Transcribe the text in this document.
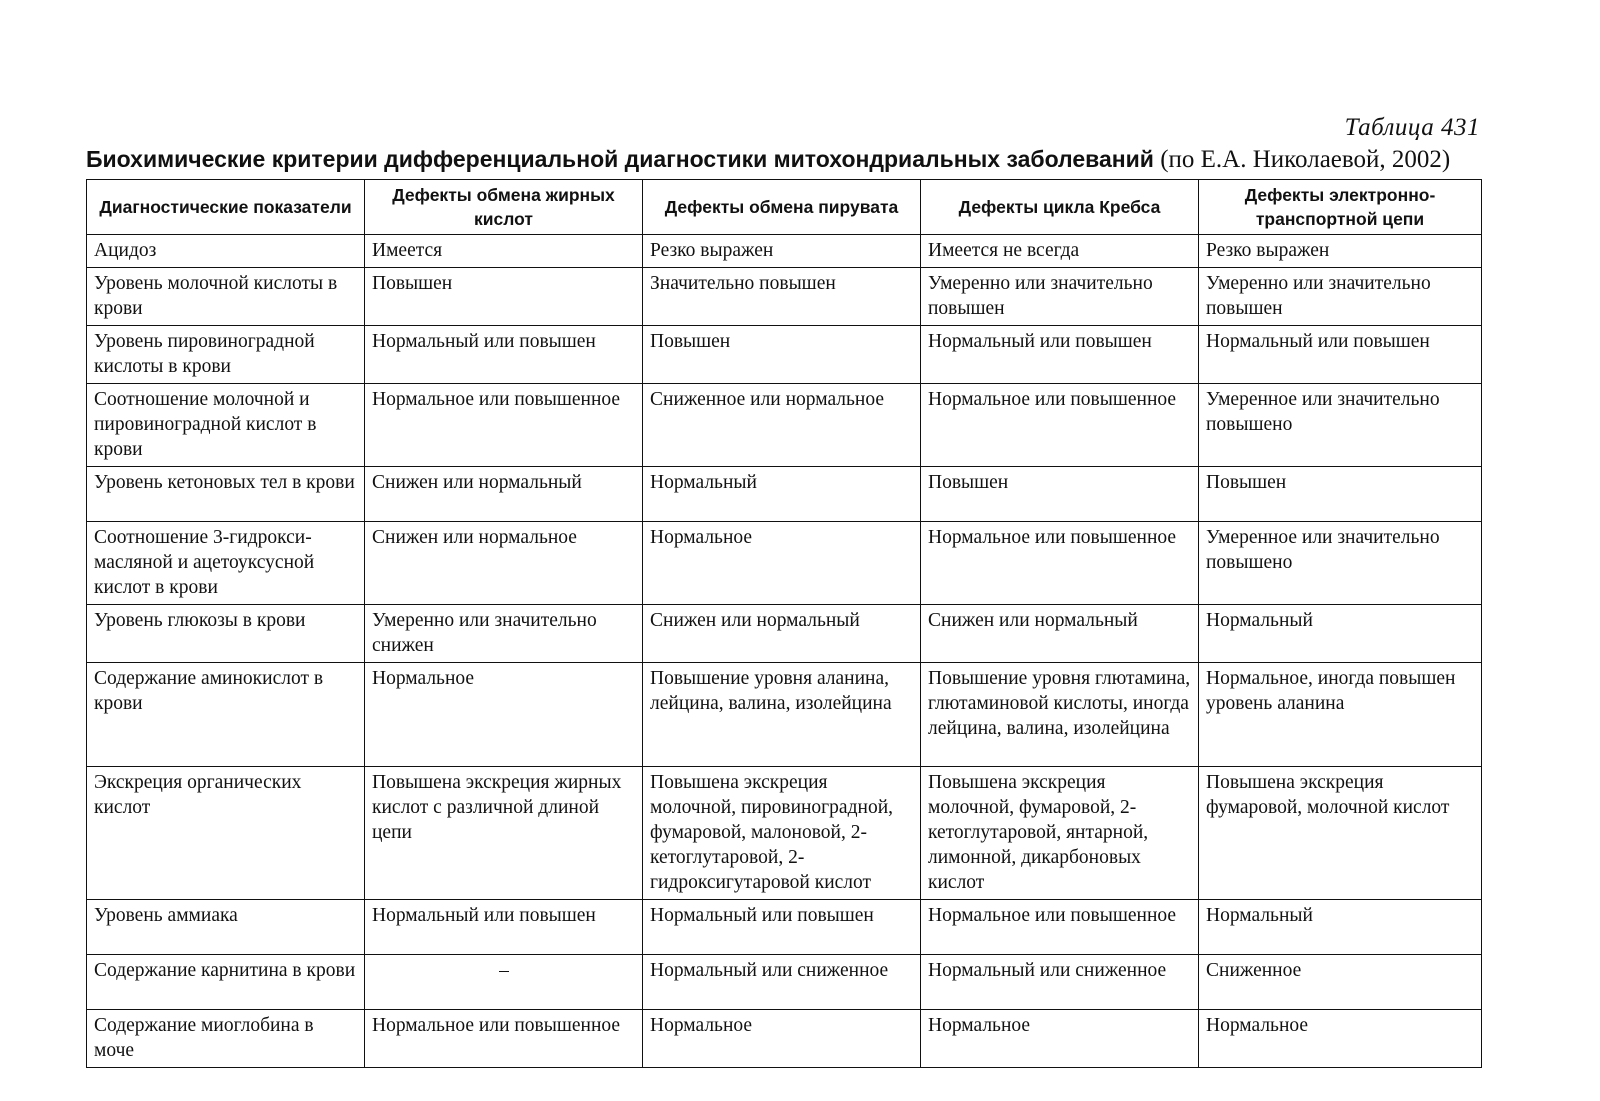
Таблица 431
Биохимические критерии дифференциальной диагностики митохондриальных заболеваний (по Е.А. Николаевой, 2002)
Диагностические показатели	Дефекты обмена жирных кислот	Дефекты обмена пирувата	Дефекты цикла Кребса	Дефекты электронно-транспортной цепи
Ацидоз	Имеется	Резко выражен	Имеется не всегда	Резко выражен
Уровень молочной кислоты в крови	Повышен	Значительно повышен	Умеренно или значительно повышен	Умеренно или значительно повышен
Уровень пировиноградной кислоты в крови	Нормальный или повышен	Повышен	Нормальный или повышен	Нормальный или повышен
Соотношение молочной и пировиноградной кислот в крови	Нормальное или повышенное	Сниженное или нормальное	Нормальное или повышенное	Умеренное или значительно повышено
Уровень кетоновых тел в крови	Снижен или нормальный	Нормальный	Повышен	Повышен
Соотношение 3-гидрокси-масляной и ацетоуксусной кислот в крови	Снижен или нормальное	Нормальное	Нормальное или повышенное	Умеренное или значительно повышено
Уровень глюкозы в крови	Умеренно или значительно снижен	Снижен или нормальный	Снижен или нормальный	Нормальный
Содержание аминокислот в крови	Нормальное	Повышение уровня аланина, лейцина, валина, изолейцина	Повышение уровня глютамина, глютаминовой кислоты, иногда лейцина, валина, изолейцина	Нормальное, иногда повышен уровень аланина
Экскреция органических кислот	Повышена экскреция жирных кислот с различной длиной цепи	Повышена экскреция молочной, пировиноградной, фумаровой, малоновой, 2-кетоглутаровой, 2-гидроксигутаровой кислот	Повышена экскреция молочной, фумаровой, 2-кетоглутаровой, янтарной, лимонной, дикарбоновых кислот	Повышена экскреция фумаровой, молочной кислот
Уровень аммиака	Нормальный или повышен	Нормальный или повышен	Нормальное или повышенное	Нормальный
Содержание карнитина в крови	–	Нормальный или сниженное	Нормальный или сниженное	Сниженное
Содержание миоглобина в моче	Нормальное или повышенное	Нормальное	Нормальное	Нормальное
